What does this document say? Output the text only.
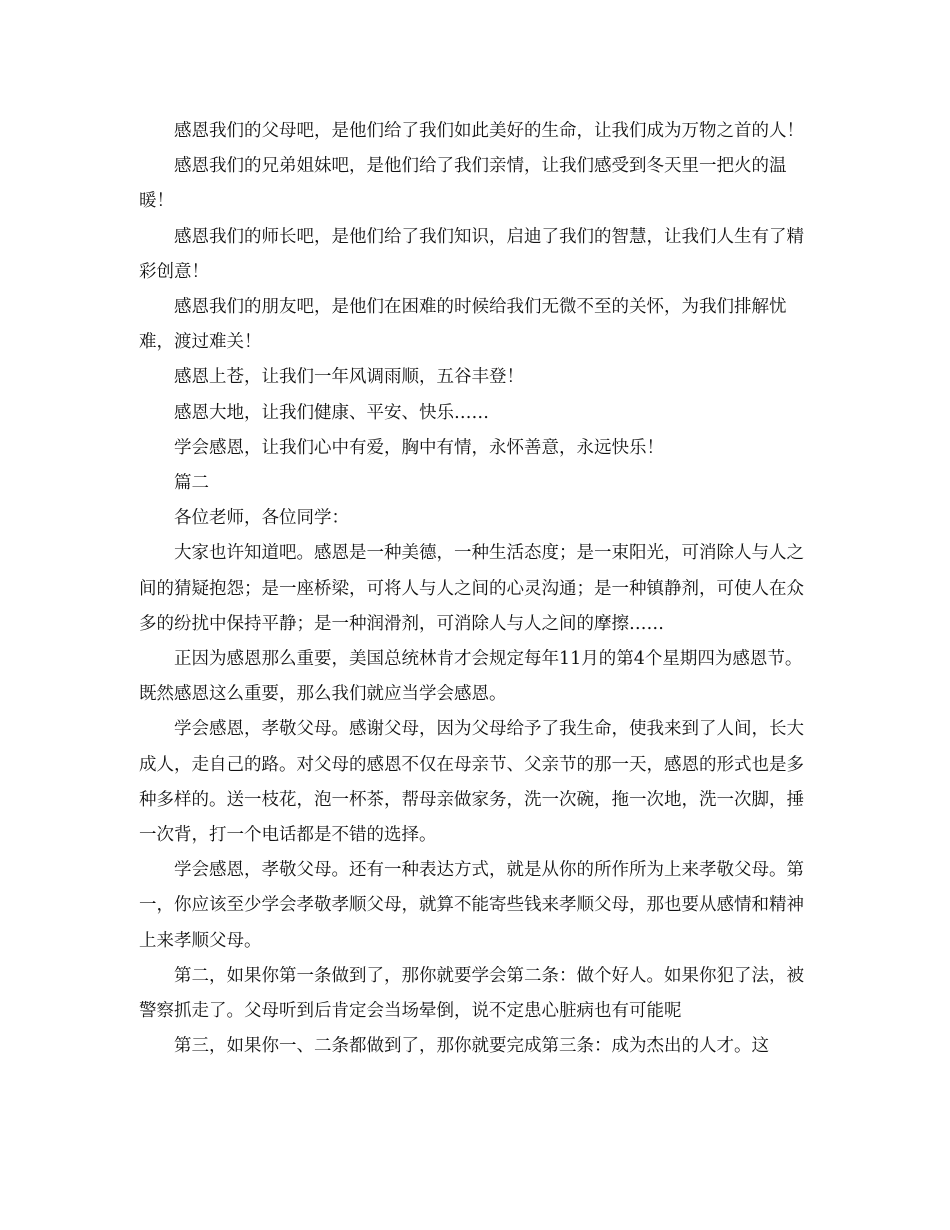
感恩我们的父母吧，是他们给了我们如此美好的生命，让我们成为万物之首的人！

感恩我们的兄弟姐妹吧，是他们给了我们亲情，让我们感受到冬天里一把火的温暖！

感恩我们的师长吧，是他们给了我们知识，启迪了我们的智慧，让我们人生有了精彩创意！

感恩我们的朋友吧，是他们在困难的时候给我们无微不至的关怀，为我们排解忧难，渡过难关！

感恩上苍，让我们一年风调雨顺，五谷丰登！

感恩大地，让我们健康、平安、快乐……

学会感恩，让我们心中有爱，胸中有情，永怀善意，永远快乐！

篇二

各位老师，各位同学：

大家也许知道吧。感恩是一种美德，一种生活态度；是一束阳光，可消除人与人之间的猜疑抱怨；是一座桥梁，可将人与人之间的心灵沟通；是一种镇静剂，可使人在众多的纷扰中保持平静；是一种润滑剂，可消除人与人之间的摩擦……

正因为感恩那么重要，美国总统林肯才会规定每年11月的第4个星期四为感恩节。既然感恩这么重要，那么我们就应当学会感恩。

学会感恩，孝敬父母。感谢父母，因为父母给予了我生命，使我来到了人间，长大成人，走自己的路。对父母的感恩不仅在母亲节、父亲节的那一天，感恩的形式也是多种多样的。送一枝花，泡一杯茶，帮母亲做家务，洗一次碗，拖一次地，洗一次脚，捶一次背，打一个电话都是不错的选择。

学会感恩，孝敬父母。还有一种表达方式，就是从你的所作所为上来孝敬父母。第一，你应该至少学会孝敬孝顺父母，就算不能寄些钱来孝顺父母，那也要从感情和精神上来孝顺父母。

第二，如果你第一条做到了，那你就要学会第二条：做个好人。如果你犯了法，被警察抓走了。父母听到后肯定会当场晕倒，说不定患心脏病也有可能呢

第三，如果你一、二条都做到了，那你就要完成第三条：成为杰出的人才。这
